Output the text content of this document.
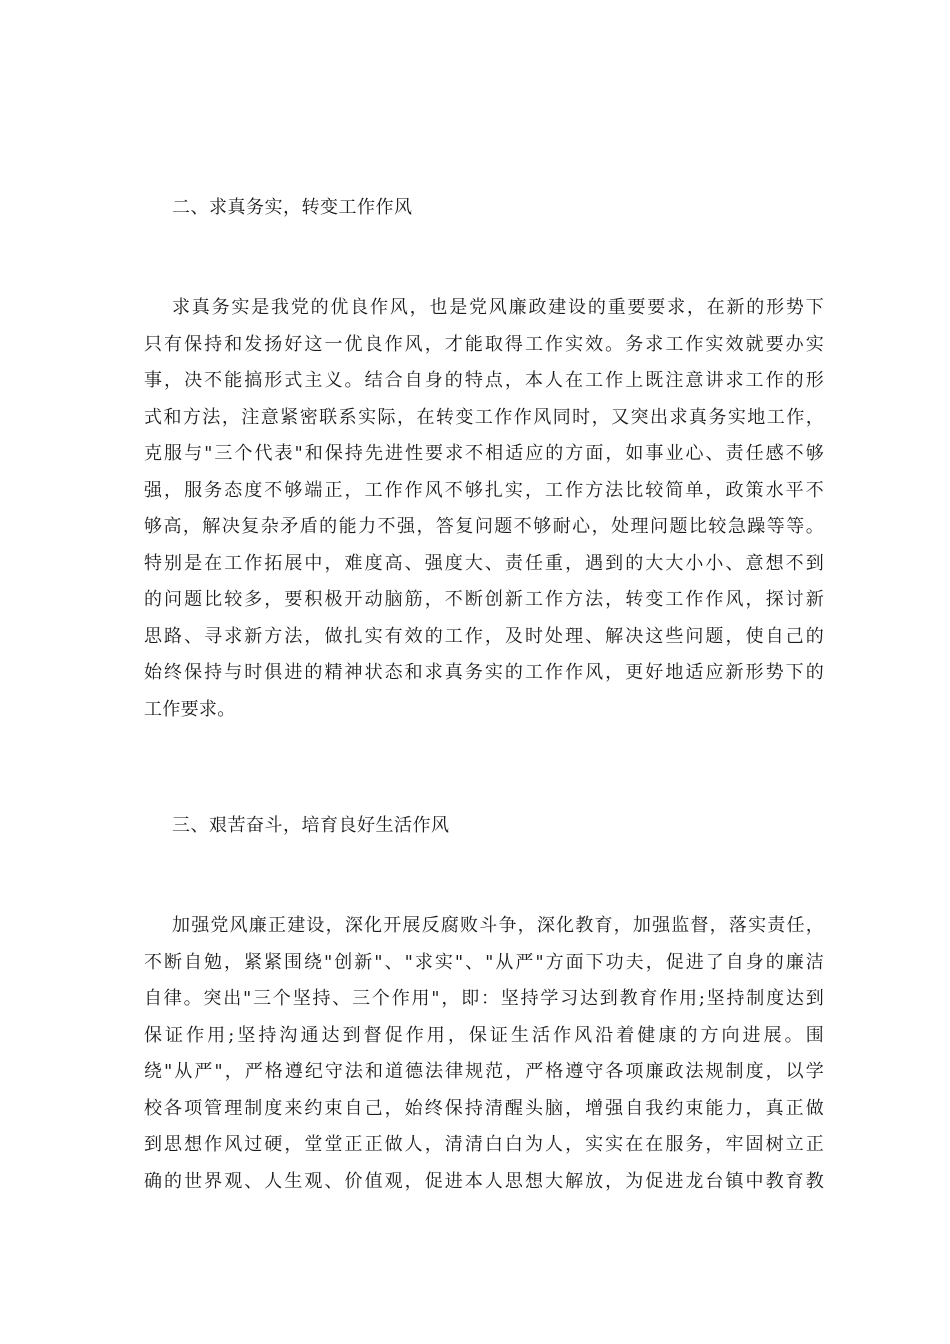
二、求真务实，转变工作作风
求真务实是我党的优良作风，也是党风廉政建设的重要要求，在新的形势下
只有保持和发扬好这一优良作风，才能取得工作实效。务求工作实效就要办实
事，决不能搞形式主义。结合自身的特点，本人在工作上既注意讲求工作的形
式和方法，注意紧密联系实际，在转变工作作风同时，又突出求真务实地工作，
克服与"三个代表"和保持先进性要求不相适应的方面，如事业心、责任感不够
强，服务态度不够端正，工作作风不够扎实，工作方法比较简单，政策水平不
够高，解决复杂矛盾的能力不强，答复问题不够耐心，处理问题比较急躁等等。
特别是在工作拓展中，难度高、强度大、责任重，遇到的大大小小、意想不到
的问题比较多，要积极开动脑筋，不断创新工作方法，转变工作作风，探讨新
思路、寻求新方法，做扎实有效的工作，及时处理、解决这些问题，使自己的
始终保持与时俱进的精神状态和求真务实的工作作风，更好地适应新形势下的
工作要求。
三、艰苦奋斗，培育良好生活作风
加强党风廉正建设，深化开展反腐败斗争，深化教育，加强监督，落实责任，
不断自勉，紧紧围绕"创新"、"求实"、"从严"方面下功夫，促进了自身的廉洁
自律。突出"三个坚持、三个作用"，即：坚持学习达到教育作用;坚持制度达到
保证作用;坚持沟通达到督促作用，保证生活作风沿着健康的方向进展。围
绕"从严"，严格遵纪守法和道德法律规范，严格遵守各项廉政法规制度，以学
校各项管理制度来约束自己，始终保持清醒头脑，增强自我约束能力，真正做
到思想作风过硬，堂堂正正做人，清清白白为人，实实在在服务，牢固树立正
确的世界观、人生观、价值观，促进本人思想大解放，为促进龙台镇中教育教
